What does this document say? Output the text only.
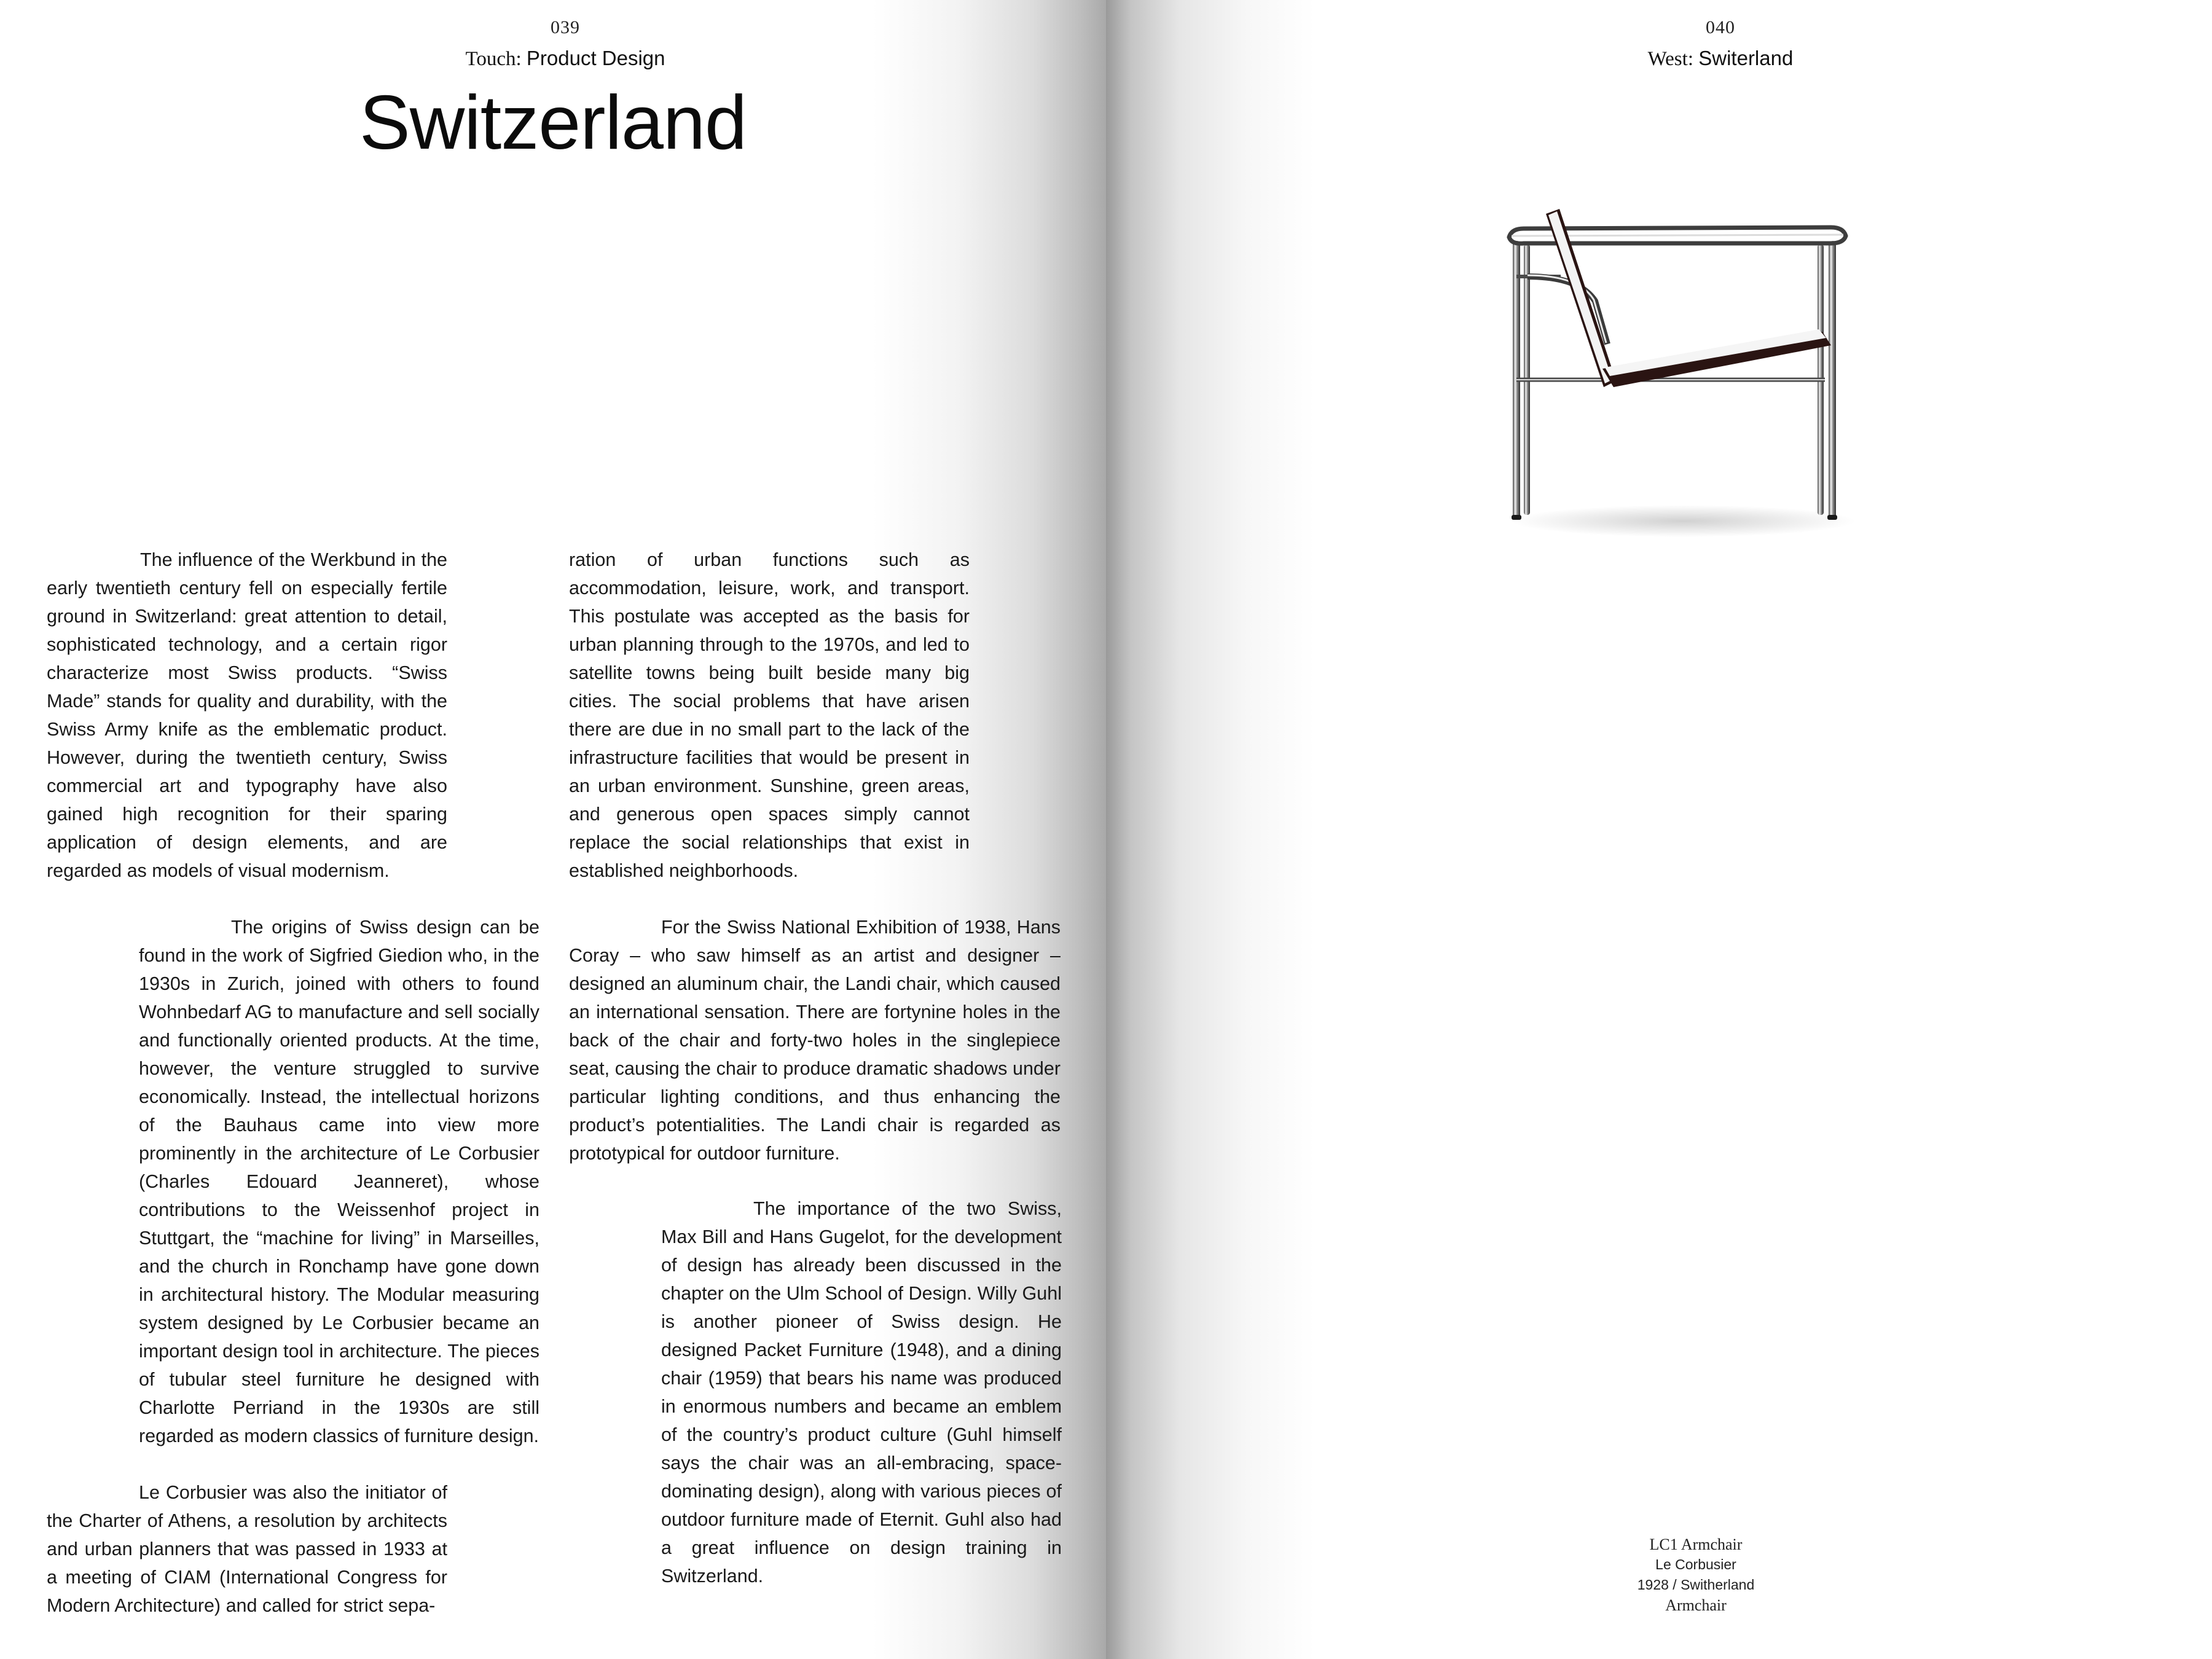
039
Touch: Product Design
Switzerland

The influence of the Werkbund in the early twentieth century fell on especially fertile ground in Switzerland: great attention to detail, sophisticated technology, and a certain rigor characterize most Swiss products. “Swiss Made” stands for quality and durability, with the Swiss Army knife as the emblematic product. However, during the twentieth century, Swiss commercial art and typography have also gained high recognition for their sparing application of design elements, and are regarded as models of visual modernism.

The origins of Swiss design can be found in the work of Sigfried Giedion who, in the 1930s in Zurich, joined with others to found Wohnbedarf AG to manufacture and sell socially and functionally oriented products. At the time, however, the venture struggled to survive economically. Instead, the intellectual horizons of the Bauhaus came into view more prominently in the architecture of Le Corbusier (Charles Edouard Jeanneret), whose contributions to the Weissenhof project in Stuttgart, the “machine for living” in Marseilles, and the church in Ronchamp have gone down in architectural history. The Modular measuring system designed by Le Corbusier became an important design tool in architecture. The pieces of tubular steel furniture he designed with Charlotte Perriand in the 1930s are still regarded as modern classics of furniture design.

Le Corbusier was also the initiator of the Charter of Athens, a resolution by architects and urban planners that was passed in 1933 at a meeting of CIAM (International Congress for Modern Architecture) and called for strict sepa-

ration of urban functions such as accommodation, leisure, work, and transport. This postulate was accepted as the basis for urban planning through to the 1970s, and led to satellite towns being built beside many big cities. The social problems that have arisen there are due in no small part to the lack of the infrastructure facilities that would be present in an urban environment. Sunshine, green areas, and generous open spaces simply cannot replace the social relationships that exist in established neighborhoods.

For the Swiss National Exhibition of 1938, Hans Coray – who saw himself as an artist and designer – designed an aluminum chair, the Landi chair, which caused an international sensation. There are fortynine holes in the back of the chair and forty-two holes in the singlepiece seat, causing the chair to produce dramatic shadows under particular lighting conditions, and thus enhancing the product’s potentialities. The Landi chair is regarded as prototypical for outdoor furniture.

The importance of the two Swiss, Max Bill and Hans Gugelot, for the development of design has already been discussed in the chapter on the Ulm School of Design. Willy Guhl is another pioneer of Swiss design. He designed Packet Furniture (1948), and a dining chair (1959) that bears his name was produced in enormous numbers and became an emblem of the country’s product culture (Guhl himself says the chair was an all-embracing, space-dominating design), along with various pieces of outdoor furniture made of Eternit. Guhl also had a great influence on design training in Switzerland.

040
West: Switerland
LC1 Armchair
Le Corbusier
1928 / Switherland
Armchair
